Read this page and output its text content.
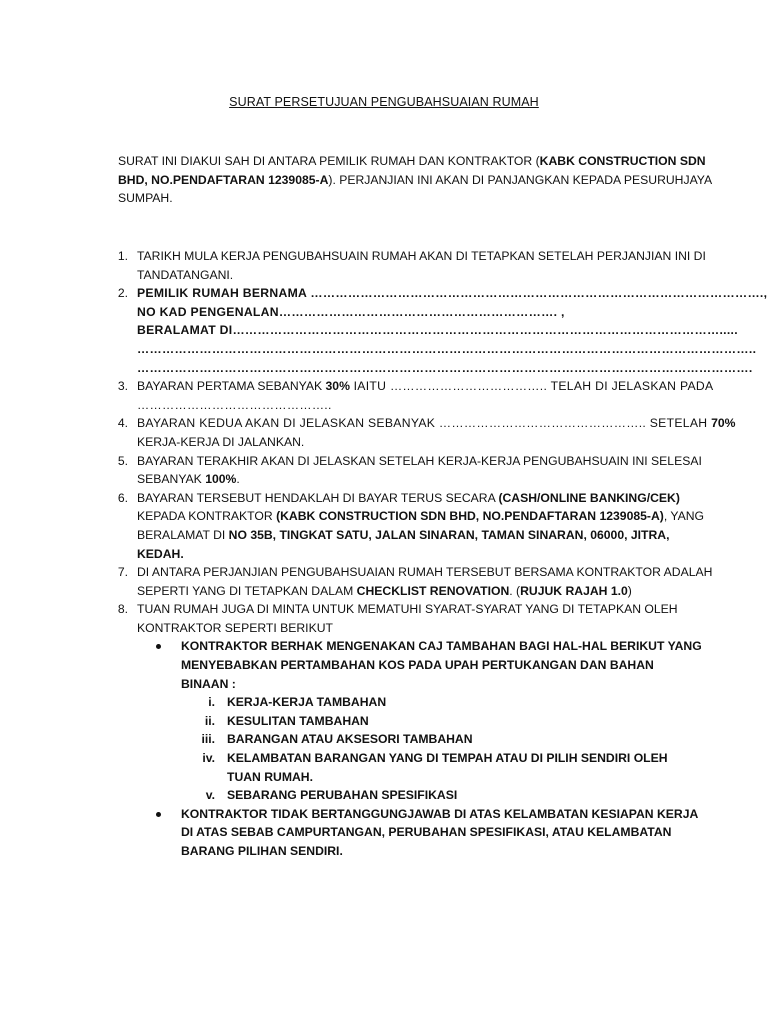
SURAT PERSETUJUAN PENGUBAHSUAIAN RUMAH

SURAT INI DIAKUI SAH DI ANTARA PEMILIK RUMAH DAN KONTRAKTOR (KABK CONSTRUCTION SDN
BHD, NO.PENDAFTARAN 1239085-A). PERJANJIAN INI AKAN DI PANJANGKAN KEPADA PESURUHJAYA
SUMPAH.

1. TARIKH MULA KERJA PENGUBAHSUAIN RUMAH AKAN DI TETAPKAN SETELAH PERJANJIAN INI DI
TANDATANGANI.
2. PEMILIK RUMAH BERNAMA ……………………………………………………………………………………………….,
NO KAD PENGENALAN…………………………………………………………. ,
BERALAMAT DI……………………………………………………………………………………………………….....
…………………………………………………………………………………………………………………………………..
………………………………………………………………………………………………………………………………….
3. BAYARAN PERTAMA SEBANYAK 30% IAITU ……………………………….. TELAH DI JELASKAN PADA
………………………………………..
4. BAYARAN KEDUA AKAN DI JELASKAN SEBANYAK ………………………………………….. SETELAH 70%
KERJA-KERJA DI JALANKAN.
5. BAYARAN TERAKHIR AKAN DI JELASKAN SETELAH KERJA-KERJA PENGUBAHSUAIN INI SELESAI
SEBANYAK 100%.
6. BAYARAN TERSEBUT HENDAKLAH DI BAYAR TERUS SECARA (CASH/ONLINE BANKING/CEK)
KEPADA KONTRAKTOR (KABK CONSTRUCTION SDN BHD, NO.PENDAFTARAN 1239085-A), YANG
BERALAMAT DI NO 35B, TINGKAT SATU, JALAN SINARAN, TAMAN SINARAN, 06000, JITRA,
KEDAH.
7. DI ANTARA PERJANJIAN PENGUBAHSUAIAN RUMAH TERSEBUT BERSAMA KONTRAKTOR ADALAH
SEPERTI YANG DI TETAPKAN DALAM CHECKLIST RENOVATION. (RUJUK RAJAH 1.0)
8. TUAN RUMAH JUGA DI MINTA UNTUK MEMATUHI SYARAT-SYARAT YANG DI TETAPKAN OLEH
KONTRAKTOR SEPERTI BERIKUT
KONTRAKTOR BERHAK MENGENAKAN CAJ TAMBAHAN BAGI HAL-HAL BERIKUT YANG
MENYEBABKAN PERTAMBAHAN KOS PADA UPAH PERTUKANGAN DAN BAHAN
BINAAN :
i. KERJA-KERJA TAMBAHAN
ii. KESULITAN TAMBAHAN
iii. BARANGAN ATAU AKSESORI TAMBAHAN
iv. KELAMBATAN BARANGAN YANG DI TEMPAH ATAU DI PILIH SENDIRI OLEH
TUAN RUMAH.
v. SEBARANG PERUBAHAN SPESIFIKASI
KONTRAKTOR TIDAK BERTANGGUNGJAWAB DI ATAS KELAMBATAN KESIAPAN KERJA
DI ATAS SEBAB CAMPURTANGAN, PERUBAHAN SPESIFIKASI, ATAU KELAMBATAN
BARANG PILIHAN SENDIRI.
